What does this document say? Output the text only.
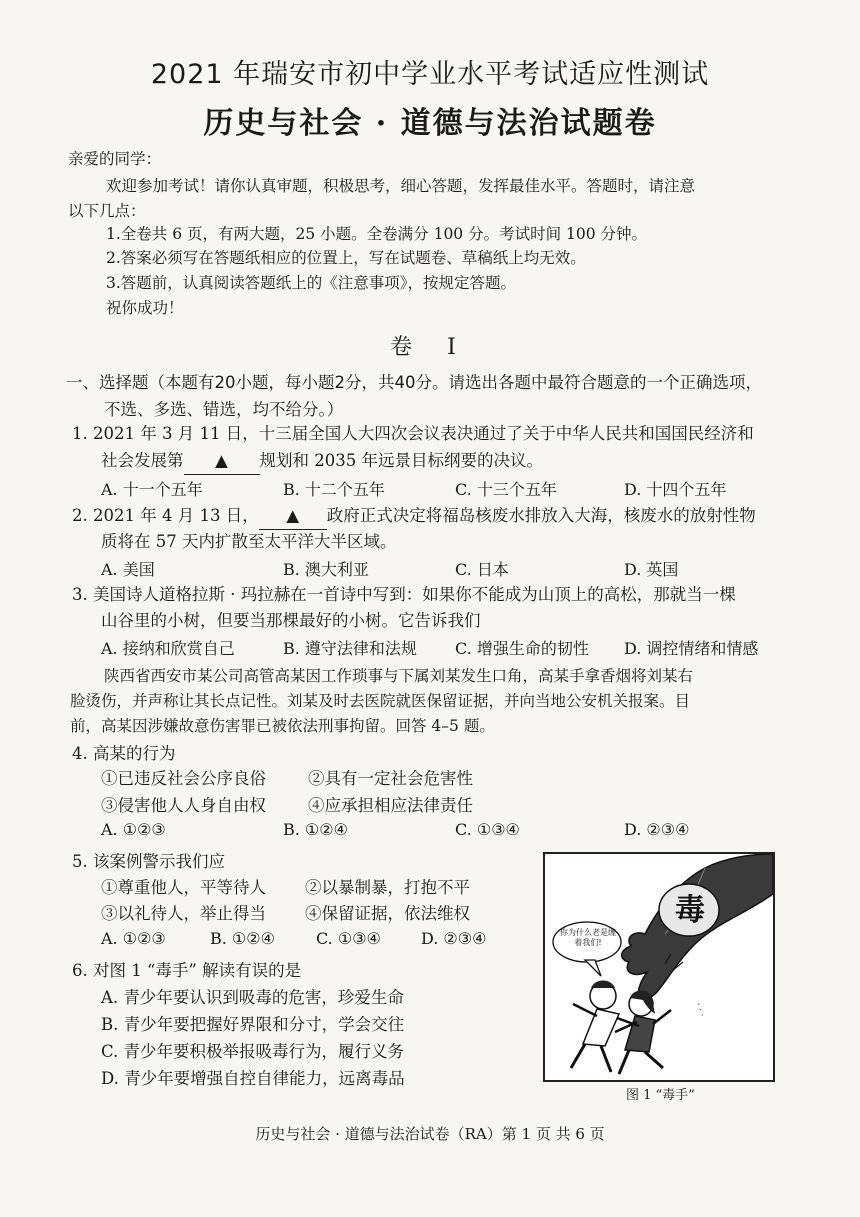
2021 年瑞安市初中学业水平考试适应性测试
历史与社会 · 道德与法治试题卷
亲爱的同学：
欢迎参加考试！请你认真审题，积极思考，细心答题，发挥最佳水平。答题时，请注意
以下几点：
1.全卷共 6 页，有两大题，25 小题。全卷满分 100 分。考试时间 100 分钟。
2.答案必须写在答题纸相应的位置上，写在试题卷、草稿纸上均无效。
3.答题前，认真阅读答题纸上的《注意事项》，按规定答题。
祝你成功！
卷 I
一、选择题（本题有20小题，每小题2分，共40分。请选出各题中最符合题意的一个正确选项，
不选、多选、错选，均不给分。）
1. 2021 年 3 月 11 日，十三届全国人大四次会议表决通过了关于中华人民共和国国民经济和
社会发展第 ▲ 规划和 2035 年远景目标纲要的决议。
A. 十一个五年	B. 十二个五年	C. 十三个五年	D. 十四个五年
2. 2021 年 4 月 13 日， ▲ 政府正式决定将福岛核废水排放入大海，核废水的放射性物
质将在 57 天内扩散至太平洋大半区域。
A. 美国	B. 澳大利亚	C. 日本	D. 英国
3. 美国诗人道格拉斯 · 玛拉赫在一首诗中写到：如果你不能成为山顶上的高松，那就当一棵
山谷里的小树，但要当那棵最好的小树。它告诉我们
A. 接纳和欣赏自己	B. 遵守法律和法规 C. 增强生命的韧性 D. 调控情绪和情感
陕西省西安市某公司高管高某因工作琐事与下属刘某发生口角，高某手拿香烟将刘某右
脸烫伤，并声称让其长点记性。刘某及时去医院就医保留证据，并向当地公安机关报案。目
前，高某因涉嫌故意伤害罪已被依法刑事拘留。回答 4–5 题。
4. 高某的行为
①已违反社会公序良俗	②具有一定社会危害性
③侵害他人人身自由权	④应承担相应法律责任
A. ①②③	B. ①②④	C. ①③④	D. ②③④
5. 该案例警示我们应
①尊重他人，平等待人 ②以暴制暴，打抱不平
③以礼待人，举止得当 ④保留证据，依法维权
A. ①②③	B. ①②④	C. ①③④	D. ②③④
6. 对图 1 “毒手” 解读有误的是
A. 青少年要认识到吸毒的危害，珍爱生命
B. 青少年要把握好界限和分寸，学会交往
C. 青少年要积极举报吸毒行为，履行义务
D. 青少年要增强自控自律能力，远离毒品
毒
你为什么老是缠着我们!
· · ·
图 1 “毒手”
历史与社会 · 道德与法治试卷（RA）第 1 页 共 6 页
